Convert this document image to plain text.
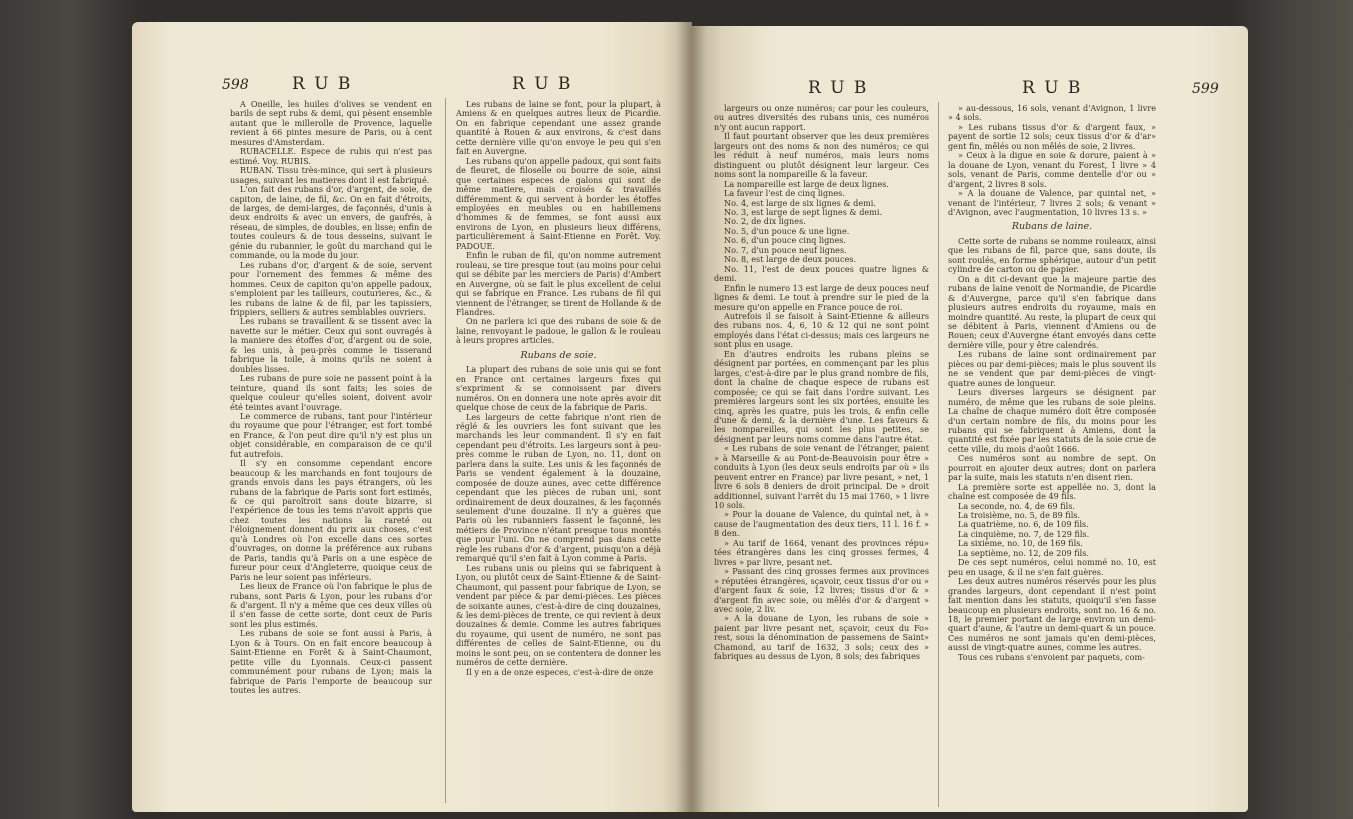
598	R U B	R U B

A Oneille, les huiles d'olives se vendent en barils de sept rubs & demi, qui pèsent ensemble autant que le millerolle de Provence, laquelle revient à 66 pintes mesure de Paris, ou à cent mesures d'Amsterdam.

RUBACELLE. Espece de rubis qui n'est pas estimé. Voy. RUBIS.

RUBAN. Tissu très-mince, qui sert à plusieurs usages, suivant les matieres dont il est fabriqué.

L'on fait des rubans d'or, d'argent, de soie, de capiton, de laine, de fil, &c. On en fait d'étroits, de larges, de demi-larges, de façonnés, d'unis à deux endroits & avec un envers, de gaufrés, à réseau, de simples, de doubles, en lisse; enfin de toutes couleurs & de tous desseins, suivant le génie du rubannier, le goût du marchand qui le commande, ou la mode du jour.

Les rubans d'or, d'argent & de soie, servent pour l'ornement des femmes & même des hommes. Ceux de capiton qu'on appelle padoux, s'emploient par les tailleurs, couturieres, &c., & les rubans de laine & de fil, par les tapissiers, frippiers, selliers & autres semblables ouvriers.

Les rubans se travaillent & se tissent avec la navette sur le métier. Ceux qui sont ouvragés à la maniere des étoffes d'or, d'argent ou de soie, & les unis, à peu-près comme le tisserand fabrique la toile, à moins qu'ils ne soient à doubles lisses.

Les rubans de pure soie ne passent point à la teinture, quand ils sont faits; les soies de quelque couleur qu'elles soient, doivent avoir été teintes avant l'ouvrage.

Le commerce de rubans, tant pour l'intérieur du royaume que pour l'étranger, est fort tombé en France, & l'on peut dire qu'il n'y est plus un objet considérable, en comparaison de ce qu'il fut autrefois.

Il s'y en consomme cependant encore beaucoup & les marchands en font toujours de grands envois dans les pays étrangers, où les rubans de la fabrique de Paris sont fort estimés, & ce qui paroîtroit sans doute bizarre, si l'expérience de tous les tems n'avoit appris que chez toutes les nations la rareté ou l'éloignement donnent du prix aux choses, c'est qu'à Londres où l'on excelle dans ces sortes d'ouvrages, on donne la préférence aux rubans de Paris, tandis qu'à Paris on a une espèce de fureur pour ceux d'Angleterre, quoique ceux de Paris ne leur soient pas inférieurs.

Les lieux de France où l'on fabrique le plus de rubans, sont Paris & Lyon, pour les rubans d'or & d'argent. Il n'y a même que ces deux villes où il s'en fasse de cette sorte, dont ceux de Paris sont les plus estimés.

Les rubans de soie se font aussi à Paris, à Lyon & à Tours. On en fait encore beaucoup à Saint-Etienne en Forêt & à Saint-Chaumont, petite ville du Lyonnais. Ceux-ci passent communément pour rubans de Lyon; mais la fabrique de Paris l'emporte de beaucoup sur toutes les autres.

Les rubans de laine se font, pour la plupart, à Amiens & en quelques autres lieux de Picardie. On en fabrique cependant une assez grande quantité à Rouen & aux environs, & c'est dans cette dernière ville qu'on envoye le peu qui s'en fait en Auvergne.

Les rubans qu'on appelle padoux, qui sont faits de fleuret, de filoselle ou bourre de soie, ainsi que certaines especes de galons qui sont de même matiere, mais croisés & travaillés différemment & qui servent à border les étoffes employées en meubles ou en habillemens d'hommes & de femmes, se font aussi aux environs de Lyon, en plusieurs lieux différens, particulièrement à Saint-Etienne en Forêt. Voy. PADOUE.

Enfin le ruban de fil, qu'on nomme autrement rouleau, se tire presque tout (au moins pour celui qui se débite par les merciers de Paris) d'Ambert en Auvergne, où se fait le plus excellent de celui qui se fabrique en France. Les rubans de fil qui viennent de l'étranger, se tirent de Hollande & de Flandres.

On ne parlera ici que des rubans de soie & de laine, renvoyant le padoue, le gallon & le rouleau à leurs propres articles.

Rubans de soie.

La plupart des rubans de soie unis qui se font en France ont certaines largeurs fixes qui s'expriment & se connoissent par divers numéros. On en donnera une note après avoir dit quelque chose de ceux de la fabrique de Paris.

Les largeurs de cette fabrique n'ont rien de réglé & les ouvriers les font suivant que les marchands les leur commandent. Il s'y en fait cependant peu d'étroits. Les largeurs sont à peu-près comme le ruban de Lyon, no. 11, dont on parlera dans la suite. Les unis & les façonnés de Paris se vendent également à la douzaine, composée de douze aunes, avec cette différence cependant que les pièces de ruban uni, sont ordinairement de deux douzaines, & les façonnés seulement d'une douzaine. Il n'y a guères que Paris où les rubanniers fassent le façonné, les métiers de Province n'étant presque tous montés que pour l'uni. On ne comprend pas dans cette règle les rubans d'or & d'argent, puisqu'on a déjà remarqué qu'il s'en fait à Lyon comme à Paris.

Les rubans unis ou pleins qui se fabriquent à Lyon, ou plutôt ceux de Saint-Etienne & de Saint-Chaumont, qui passent pour fabrique de Lyon, se vendent par pièce & par demi-pièces. Les pièces de soixante aunes, c'est-à-dire de cinq douzaines, & les demi-pièces de trente, ce qui revient à deux douzaines & demie. Comme les autres fabriques du royaume, qui usent de numéro, ne sont pas différentes de celles de Saint-Etienne, ou du moins le sont peu, on se contentera de donner les numéros de cette dernière.

Il y en a de onze especes, c'est-à-dire de onze

R U B	R U B	599

largeurs ou onze numéros; car pour les couleurs, ou autres diversités des rubans unis, ces numéros n'y ont aucun rapport.

Il faut pourtant observer que les deux premières largeurs ont des noms & non des numéros; ce qui les réduit à neuf numéros, mais leurs noms distinguent ou plutôt désignent leur largeur. Ces noms sont la nompareille & la faveur.

La nompareille est large de deux lignes.

La faveur l'est de cinq lignes.

No. 4, est large de six lignes & demi.

No. 3, est large de sept lignes & demi.

No. 2, de dix lignes.

No. 5, d'un pouce & une ligne.

No. 6, d'un pouce cinq lignes.

No. 7, d'un pouce neuf lignes.

No. 8, est large de deux pouces.

No. 11, l'est de deux pouces quatre lignes & demi.

Enfin le numero 13 est large de deux pouces neuf lignes & demi. Le tout à prendre sur le pied de la mesure qu'on appelle en France pouce de roi.

Autrefois il se faisoit à Saint-Etienne & ailleurs des rubans nos. 4, 6, 10 & 12 qui ne sont point employés dans l'état ci-dessus; mais ces largeurs ne sont plus en usage.

En d'autres endroits les rubans pleins se désignent par portées, en commençant par les plus larges, c'est-à-dire par le plus grand nombre de fils, dont la chaîne de chaque espece de rubans est composée; ce qui se fait dans l'ordre suivant. Les premières largeurs sont les six portées, ensuite les cinq, après les quatre, puis les trois, & enfin celle d'une & demi, & la dernière d'une. Les faveurs & les nompareilles, qui sont les plus petites, se désignent par leurs noms comme dans l'autre état.

« Les rubans de soie venant de l'étranger, paient » à Marseille & au Pont-de-Beauvoisin pour être » conduits à Lyon (les deux seuls endroits par où » ils peuvent entrer en France) par livre pesant, » net, 1 livre 6 sols 8 deniers de droit principal. De » droit additionnel, suivant l'arrêt du 15 mai 1760, » 1 livre 10 sols.

» Pour la douane de Valence, du quintal net, à » cause de l'augmentation des deux tiers, 11 l. 16 f. » 8 den.

» Au tarif de 1664, venant des provinces répu» tées étrangères dans les cinq grosses fermes, 4 livres » par livre, pesant net.

» Passant des cinq grosses fermes aux provinces » réputées étrangères, sçavoir, ceux tissus d'or ou » d'argent faux & soie, 12 livres; tissus d'or & » d'argent fin avec soie, ou mêlés d'or & d'argent » avec soie, 2 liv.

» A la douane de Lyon, les rubans de soie » paient par livre pesant net, sçavoir, ceux du Fo» rest, sous la dénomination de passemens de Saint» Chamond, au tarif de 1632, 3 sols; ceux des » fabriques au dessus de Lyon, 8 sols; des fabriques

» au-dessous, 16 sols, venant d'Avignon, 1 livre » 4 sols.

» Les rubans tissus d'or & d'argent faux, » payent de sortie 12 sols; ceux tissus d'or & d'ar» gent fin, mêlés ou non mêlés de soie, 2 livres.

» Ceux à la digue en soie & dorure, paient à » la douane de Lyon, venant du Forest, 1 livre » 4 sols, venant de Paris, comme dentelle d'or ou » d'argent, 2 livres 8 sols.

» A la douane de Valence, par quintal net, » venant de l'intérieur, 7 livres 2 sols; & venant » d'Avignon, avec l'augmentation, 10 livres 13 s. »

Rubans de laine.

Cette sorte de rubans se nomme rouleaux, ainsi que les rubans de fil, parce que, sans doute, ils sont roulés, en forme sphérique, autour d'un petit cylindre de carton ou de papier.

On a dit ci-devant que la majeure partie des rubans de laine venoit de Normandie, de Picardie & d'Auvergne, parce qu'il s'en fabrique dans plusieurs autres endroits du royaume, mais en moindre quantité. Au reste, la plupart de ceux qui se débitent à Paris, viennent d'Amiens ou de Rouen; ceux d'Auvergne étant envoyés dans cette dernière ville, pour y être calendrés.

Les rubans de laine sont ordinairement par pièces ou par demi-pièces; mais le plus souvent ils ne se vendent que par demi-pièces de vingt-quatre aunes de longueur.

Leurs diverses largeurs se désignent par numéro, de même que les rubans de soie pleins. La chaîne de chaque numéro doit être composée d'un certain nombre de fils, du moins pour les rubans qui se fabriquent à Amiens, dont la quantité est fixée par les statuts de la soie crue de cette ville, du mois d'août 1666.

Ces numéros sont au nombre de sept. On pourroit en ajouter deux autres; dont on parlera par la suite, mais les statuts n'en disent rien.

La première sorte est appellée no. 3, dont la chaîne est composée de 49 fils.

La seconde, no. 4, de 69 fils.

La troisième, no. 5, de 89 fils.

La quatrième, no. 6, de 109 fils.

La cinquième, no. 7, de 129 fils.

La sixième, no. 10, de 169 fils.

La septième, no. 12, de 209 fils.

De ces sept numéros, celui nommé no. 10, est peu en usage, & il ne s'en fait guères.

Les deux autres numéros réservés pour les plus grandes largeurs, dont cependant il n'est point fait mention dans les statuts, quoiqu'il s'en fasse beaucoup en plusieurs endroits, sont no. 16 & no. 18, le premier portant de large environ un demi-quart d'aune, & l'autre un demi-quart & un pouce. Ces numéros ne sont jamais qu'en demi-pièces, aussi de vingt-quatre aunes, comme les autres.

Tous ces rubans s'envoient par paquets, com-
